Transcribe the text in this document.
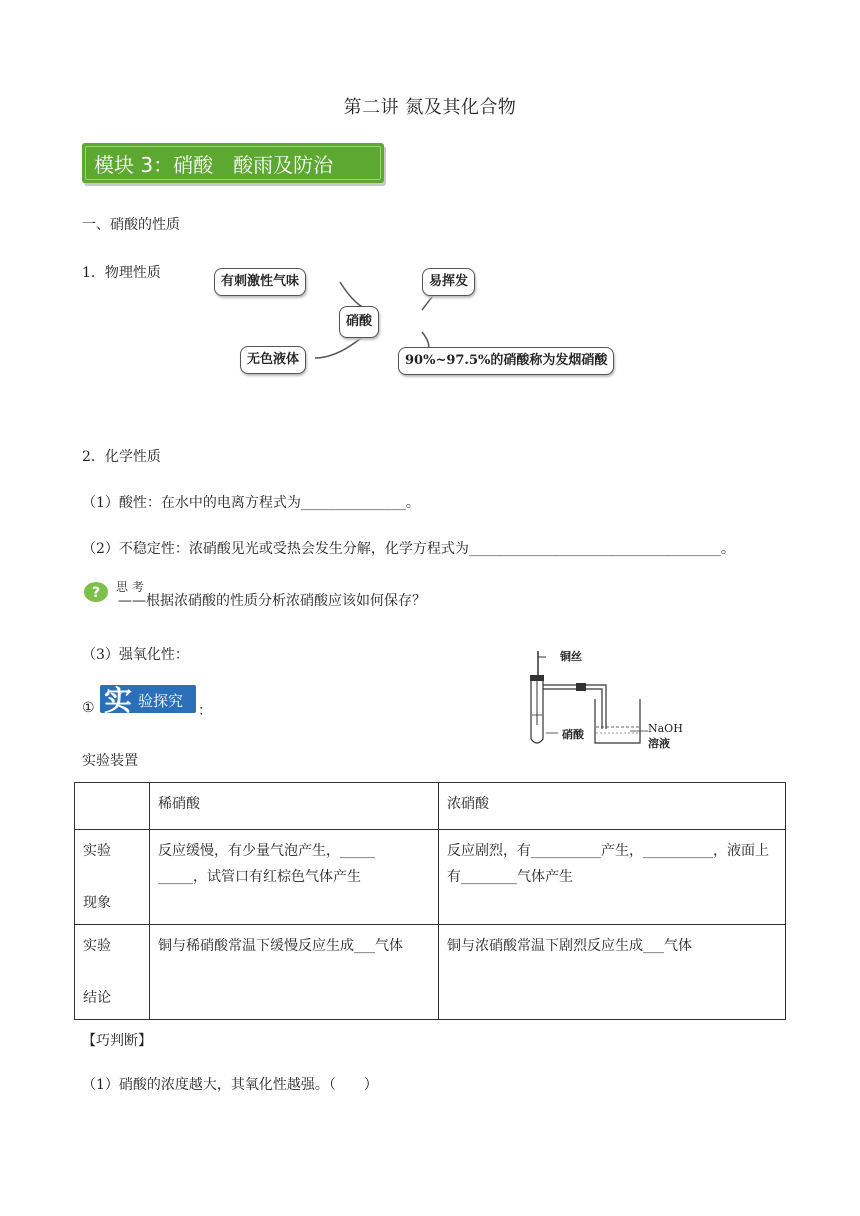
第二讲 氮及其化合物
模块 3：硝酸　酸雨及防治
一、硝酸的性质
1．物理性质
有刺激性气味
硝酸
易挥发
无色液体	90%~97.5%的硝酸称为发烟硝酸
2．化学性质
（1）酸性：在水中的电离方程式为_______________。
（2）不稳定性：浓硝酸见光或受热会发生分解，化学方程式为____________________________________。
? 思 考
——根据浓硝酸的性质分析浓硝酸应该如何保存？
（3）强氧化性：
① 实 验探究
：
实验装置
铜丝
硝酸	NaOH
溶液
	稀硝酸	浓硝酸
实验

现象	反应缓慢，有少量气泡产生，_____
_____，试管口有红棕色气体产生	反应剧烈，有__________产生，__________，液面上有________气体产生
实验

结论	铜与稀硝酸常温下缓慢反应生成___气体	铜与浓硝酸常温下剧烈反应生成___气体
【巧判断】
（1）硝酸的浓度越大，其氧化性越强。（　　）
